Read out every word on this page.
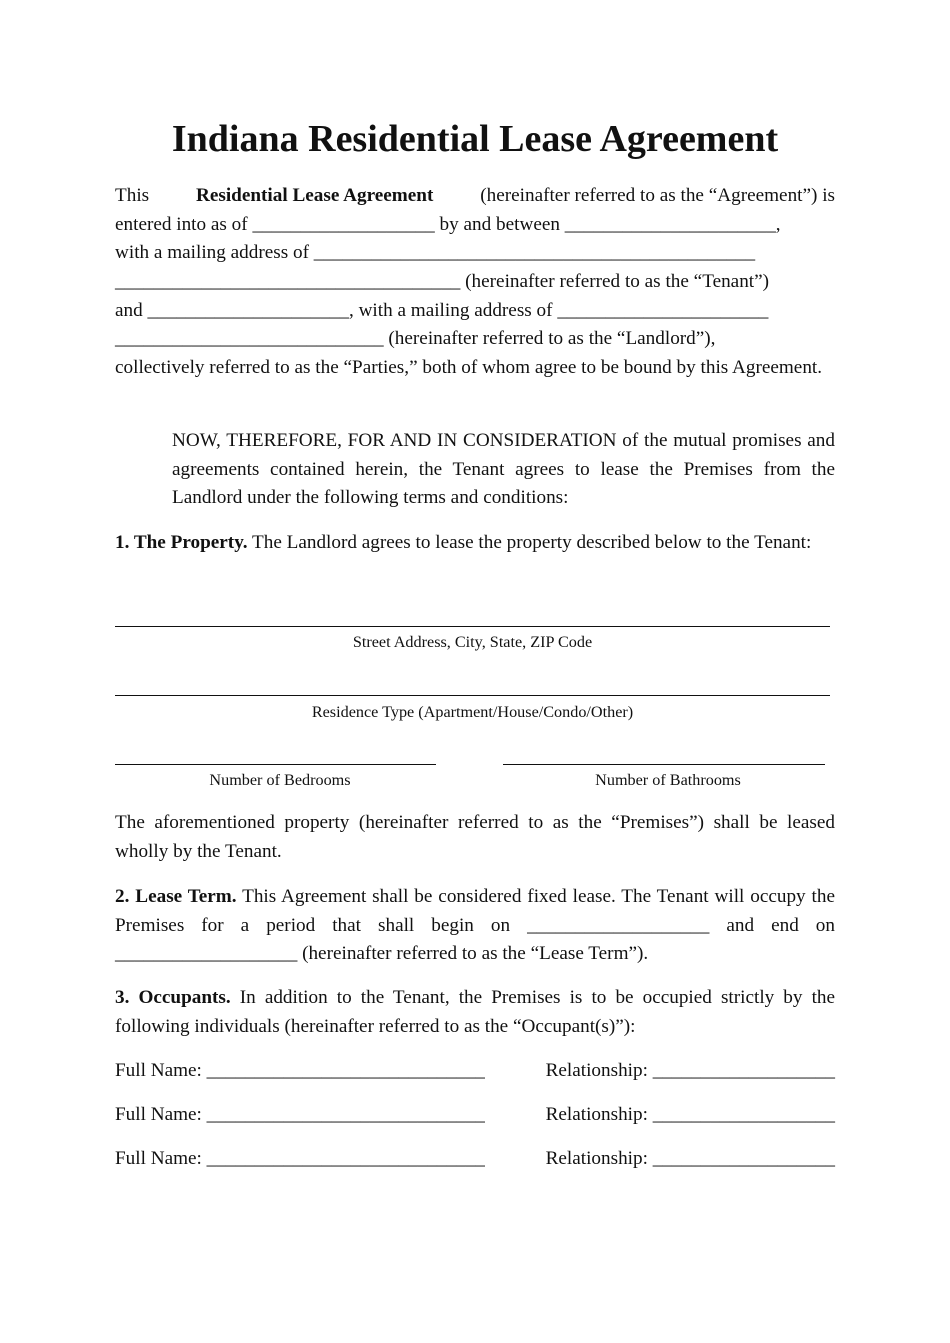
Indiana Residential Lease Agreement
This Residential Lease Agreement (hereinafter referred to as the “Agreement”) is
entered into as of ___________________ by and between ______________________,
with a mailing address of ______________________________________________
____________________________________ (hereinafter referred to as the “Tenant”)
and _____________________, with a mailing address of ______________________
____________________________ (hereinafter referred to as the “Landlord”),
collectively referred to as the “Parties,” both of whom agree to be bound by this Agreement.
NOW, THEREFORE, FOR AND IN CONSIDERATION of the mutual promises and agreements contained herein, the Tenant agrees to lease the Premises from the Landlord under the following terms and conditions:
1. The Property. The Landlord agrees to lease the property described below to the Tenant:
Street Address, City, State, ZIP Code
Residence Type (Apartment/House/Condo/Other)
Number of Bedrooms	Number of Bathrooms
The aforementioned property (hereinafter referred to as the “Premises”) shall be leased wholly by the Tenant.
2. Lease Term. This Agreement shall be considered fixed lease. The Tenant will occupy the Premises for a period that shall begin on ___________________ and end on ___________________ (hereinafter referred to as the “Lease Term”).
3. Occupants. In addition to the Tenant, the Premises is to be occupied strictly by the following individuals (hereinafter referred to as the “Occupant(s)”):
Full Name: _____________________________	Relationship: ___________________
Full Name: _____________________________	Relationship: ___________________
Full Name: _____________________________	Relationship: ___________________
